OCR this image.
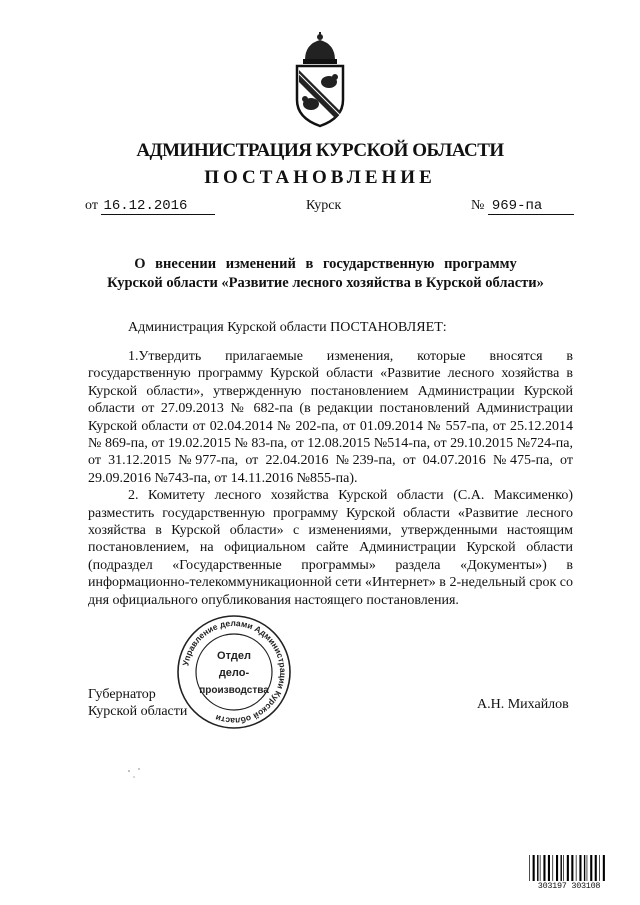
АДМИНИСТРАЦИЯ КУРСКОЙ ОБЛАСТИ
ПОСТАНОВЛЕНИЕ
от 16.12.2016	Курск	№ 969-па
О внесении изменений в государственную программу
Курской области «Развитие лесного хозяйства в Курской области»
Администрация Курской области ПОСТАНОВЛЯЕТ:

1.Утвердить прилагаемые изменения, которые вносятся в государственную программу Курской области «Развитие лесного хозяйства в Курской области», утвержденную постановлением Администрации Курской области от 27.09.2013 № 682-па (в редакции постановлений Администрации Курской области от 02.04.2014 № 202-па, от 01.09.2014 № 557-па, от 25.12.2014 № 869-па, от 19.02.2015 № 83-па, от 12.08.2015 №514-па, от 29.10.2015 №724-па, от 31.12.2015 №977-па, от 22.04.2016 №239-па, от 04.07.2016 №475-па, от 29.09.2016 №743-па, от 14.11.2016 №855-па).

2. Комитету лесного хозяйства Курской области (С.А. Максименко) разместить государственную программу Курской области «Развитие лесного хозяйства в Курской области» с изменениями, утвержденными настоящим постановлением, на официальном сайте Администрации Курской области (подраздел «Государственные программы» раздела «Документы») в информационно-телекоммуникационной сети «Интернет» в 2-недельный срок со дня официального опубликования настоящего постановления.

Губернатор
Курской области	А.Н. Михайлов
Управление делами Администрации Курской области
Отдел
дело-
производства
303197 303108
